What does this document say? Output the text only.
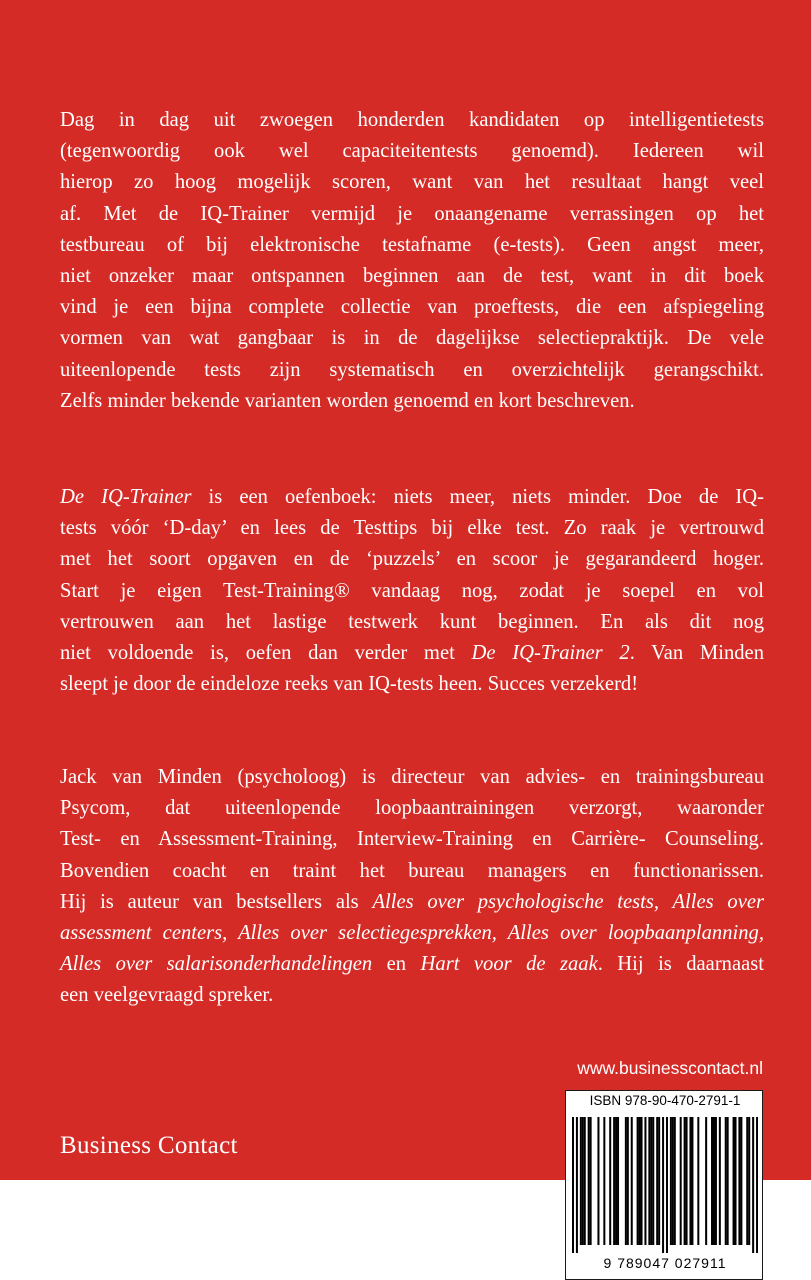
Dag in dag uit zwoegen honderden kandidaten op intelligentietests
(tegenwoordig ook wel capaciteitentests genoemd). Iedereen wil
hierop zo hoog mogelijk scoren, want van het resultaat hangt veel
af. Met de IQ-Trainer vermijd je onaangename verrassingen op het
testbureau of bij elektronische testafname (e-tests). Geen angst meer,
niet onzeker maar ontspannen beginnen aan de test, want in dit boek
vind je een bijna complete collectie van proeftests, die een afspiegeling
vormen van wat gangbaar is in de dagelijkse selectiepraktijk. De vele
uiteenlopende tests zijn systematisch en overzichtelijk gerangschikt.
Zelfs minder bekende varianten worden genoemd en kort beschreven.
De IQ-Trainer is een oefenboek: niets meer, niets minder. Doe de IQ-
tests vóór ‘D-day’ en lees de Testtips bij elke test. Zo raak je vertrouwd
met het soort opgaven en de ‘puzzels’ en scoor je gegarandeerd hoger.
Start je eigen Test-Training® vandaag nog, zodat je soepel en vol
vertrouwen aan het lastige testwerk kunt beginnen. En als dit nog
niet voldoende is, oefen dan verder met De IQ-Trainer 2. Van Minden
sleept je door de eindeloze reeks van IQ-tests heen. Succes verzekerd!
Jack van Minden (psycholoog) is directeur van advies- en trainingsbureau
Psycom, dat uiteenlopende loopbaantrainingen verzorgt, waaronder
Test- en Assessment-Training, Interview-Training en Carrière- Counseling.
Bovendien coacht en traint het bureau managers en functionarissen.
Hij is auteur van bestsellers als Alles over psychologische tests, Alles over
assessment centers, Alles over selectiegesprekken, Alles over loopbaanplanning,
Alles over salarisonderhandelingen en Hart voor de zaak. Hij is daarnaast
een veelgevraagd spreker.
www.businesscontact.nl
Business Contact
ISBN 978-90-470-2791-1
9 789047 027911
